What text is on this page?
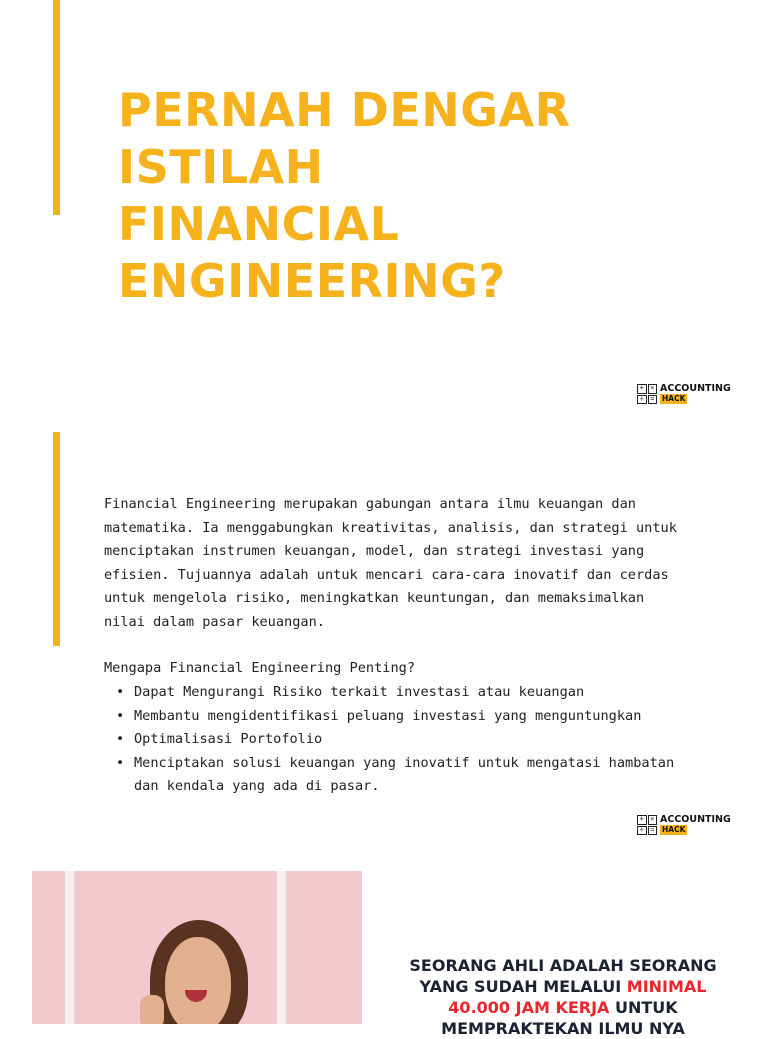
PERNAH DENGAR
ISTILAH
FINANCIAL
ENGINEERING?
+ ×
÷ =
ACCOUNTING
HACK

Financial Engineering merupakan gabungan antara ilmu keuangan dan
matematika. Ia menggabungkan kreativitas, analisis, dan strategi untuk
menciptakan instrumen keuangan, model, dan strategi investasi yang
efisien. Tujuannya adalah untuk mencari cara-cara inovatif dan cerdas
untuk mengelola risiko, meningkatkan keuntungan, dan memaksimalkan
nilai dalam pasar keuangan.

Mengapa Financial Engineering Penting?

• Dapat Mengurangi Risiko terkait investasi atau keuangan
• Membantu mengidentifikasi peluang investasi yang menguntungkan
• Optimalisasi Portofolio
• Menciptakan solusi keuangan yang inovatif untuk mengatasi hambatan dan kendala yang ada di pasar.
+ ×
÷ =
ACCOUNTING
HACK

SEORANG AHLI ADALAH SEORANG
YANG SUDAH MELALUI MINIMAL
40.000 JAM KERJA UNTUK
MEMPRAKTEKAN ILMU NYA
